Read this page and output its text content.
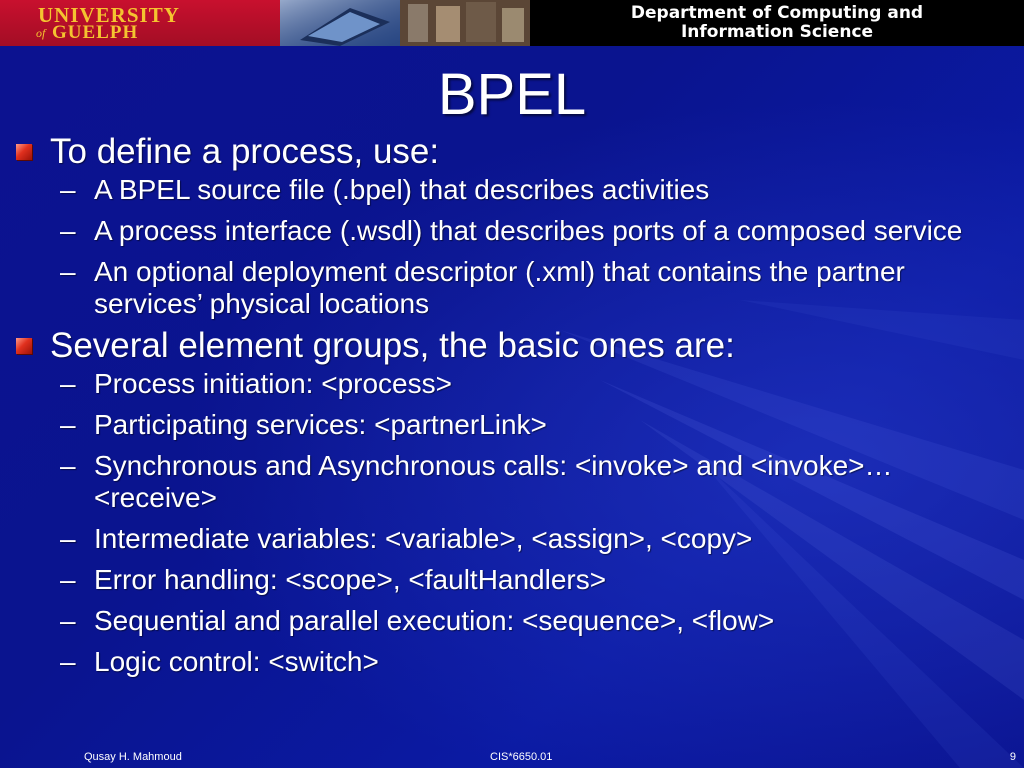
UNIVERSITY
of GUELPH
Department of Computing and
Information Science
BPEL
To define a process, use:
– A BPEL source file (.bpel) that describes activities
– A process interface (.wsdl) that describes ports of a composed service
– An optional deployment descriptor (.xml) that contains the partner services’ physical locations
Several element groups, the basic ones are:
– Process initiation: <process>
– Participating services: <partnerLink>
– Synchronous and Asynchronous calls: <invoke> and <invoke>…<receive>
– Intermediate variables: <variable>, <assign>, <copy>
– Error handling: <scope>, <faultHandlers>
– Sequential and parallel execution: <sequence>, <flow>
– Logic control: <switch>
Qusay H. Mahmoud	CIS*6650.01	9
